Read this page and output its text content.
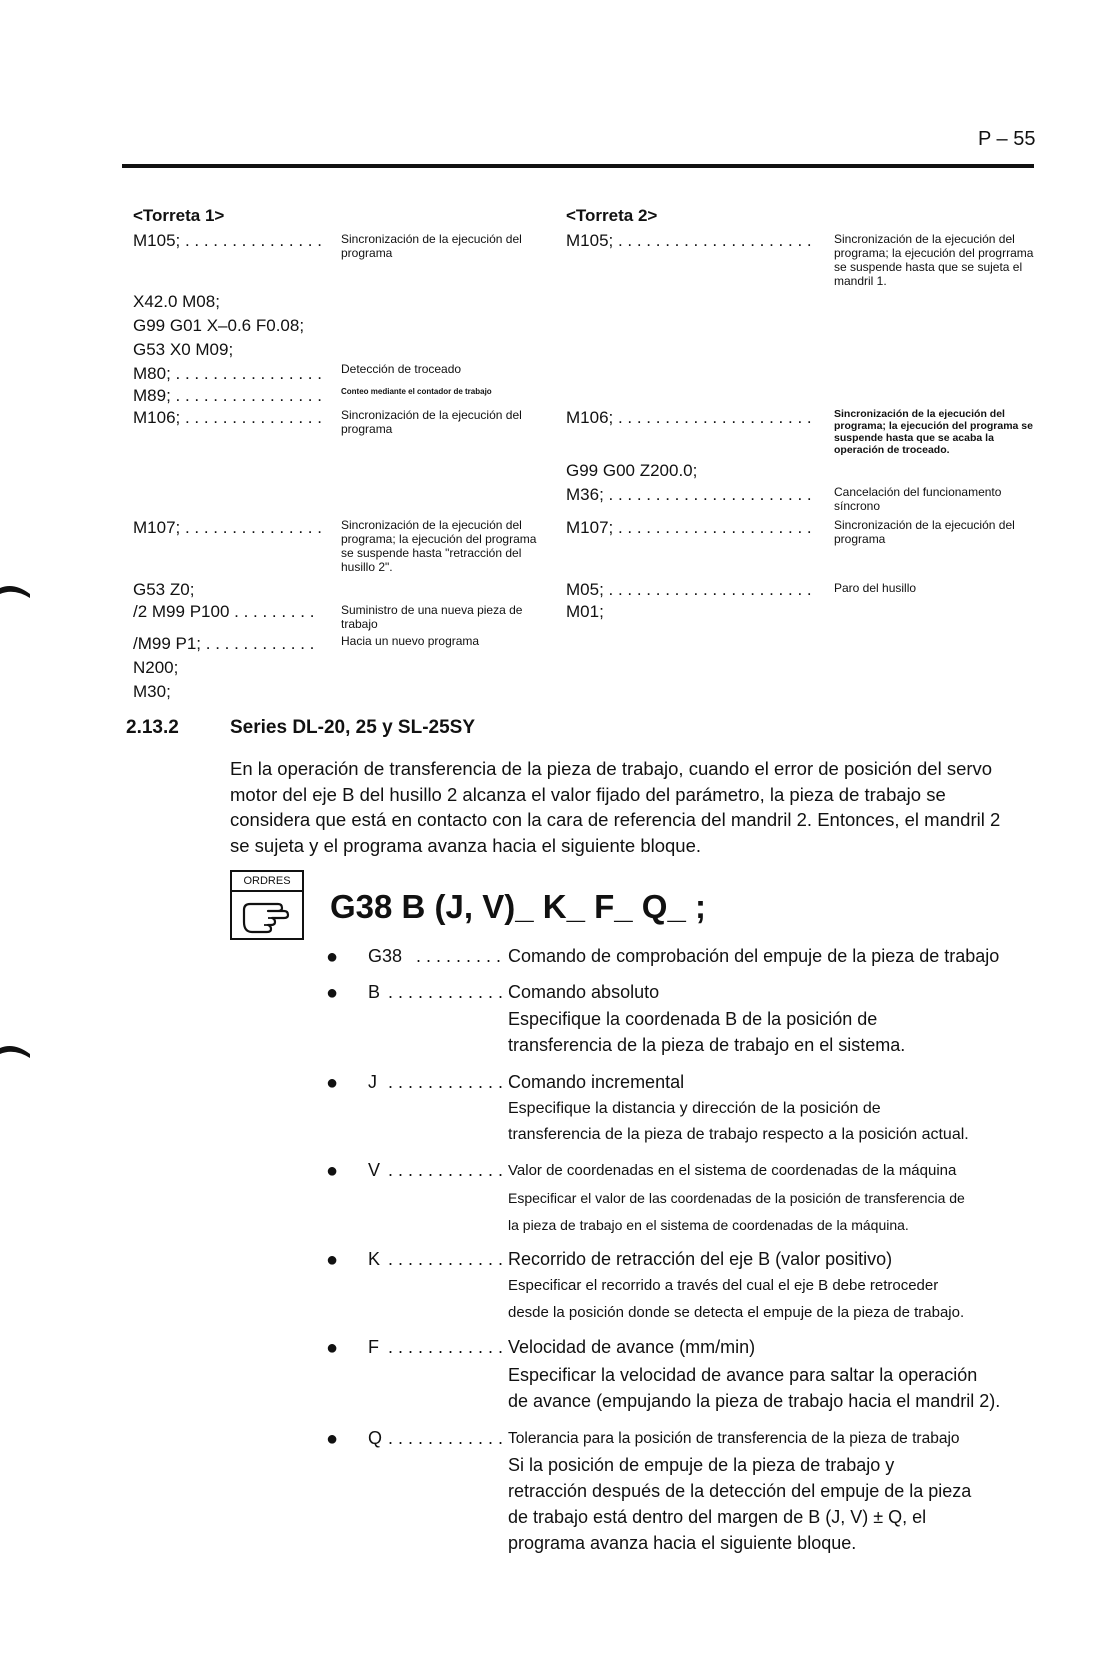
P – 55
<Torreta 1>
M105; . . . . . . . . . . . . . . . Sincronización de la ejecución del programa
X42.0 M08;
G99 G01 X–0.6 F0.08;
G53 X0 M09;
M80; . . . . . . . . . . . . . . . . Detección de troceado
M89; . . . . . . . . . . . . . . . . Conteo mediante el contador de trabajo
M106; . . . . . . . . . . . . . . . Sincronización de la ejecución del programa
M107; . . . . . . . . . . . . . . . Sincronización de la ejecución del programa; la ejecución del programa se suspende hasta "retracción del husillo 2".
G53 Z0;
/2 M99 P100 . . . . . . . . . Suministro de una nueva pieza de trabajo
/M99 P1; . . . . . . . . . . . . Hacia un nuevo programa
N200;
M30;
<Torreta 2>
M105; . . . . . . . . . . . . . . . . . . . . . Sincronización de la ejecución del programa; la ejecución del progrrama se suspende hasta que se sujeta el mandril 1.
M106; . . . . . . . . . . . . . . . . . . . . . Sincronización de la ejecución del programa; la ejecución del programa se suspende hasta que se acaba la operación de troceado.
G99 G00 Z200.0;
M36; . . . . . . . . . . . . . . . . . . . . . . Cancelación del funcionamento síncrono
M107; . . . . . . . . . . . . . . . . . . . . . Sincronización de la ejecución del programa
M05; . . . . . . . . . . . . . . . . . . . . . . Paro del husillo
M01;
2.13.2	Series DL-20, 25 y SL-25SY
En la operación de transferencia de la pieza de trabajo, cuando el error de posición del servo motor del eje B del husillo 2 alcanza el valor fijado del parámetro, la pieza de trabajo se considera que está en contacto con la cara de referencia del mandril 2. Entonces, el mandril 2 se sujeta y el programa avanza hacia el siguiente bloque.
ORDRES
G38 B (J, V)_ K_ F_ Q_ ;
● G38 . . . . . . . . . Comando de comprobación del empuje de la pieza de trabajo
● B . . . . . . . . . . . . Comando absoluto
Especifique la coordenada B de la posición de
transferencia de la pieza de trabajo en el sistema.
● J . . . . . . . . . . . . Comando incremental
Especifique la distancia y dirección de la posición de
transferencia de la pieza de trabajo respecto a la posición actual.
● V . . . . . . . . . . . . Valor de coordenadas en el sistema de coordenadas de la máquina
Especificar el valor de las coordenadas de la posición de transferencia de
la pieza de trabajo en el sistema de coordenadas de la máquina.
● K . . . . . . . . . . . . Recorrido de retracción del eje B (valor positivo)
Especificar el recorrido a través del cual el eje B debe retroceder
desde la posición donde se detecta el empuje de la pieza de trabajo.
● F . . . . . . . . . . . . Velocidad de avance (mm/min)
Especificar la velocidad de avance para saltar la operación
de avance (empujando la pieza de trabajo hacia el mandril 2).
● Q . . . . . . . . . . . . Tolerancia para la posición de transferencia de la pieza de trabajo
Si la posición de empuje de la pieza de trabajo y
retracción después de la detección del empuje de la pieza
de trabajo está dentro del margen de B (J, V) ± Q, el
programa avanza hacia el siguiente bloque.
